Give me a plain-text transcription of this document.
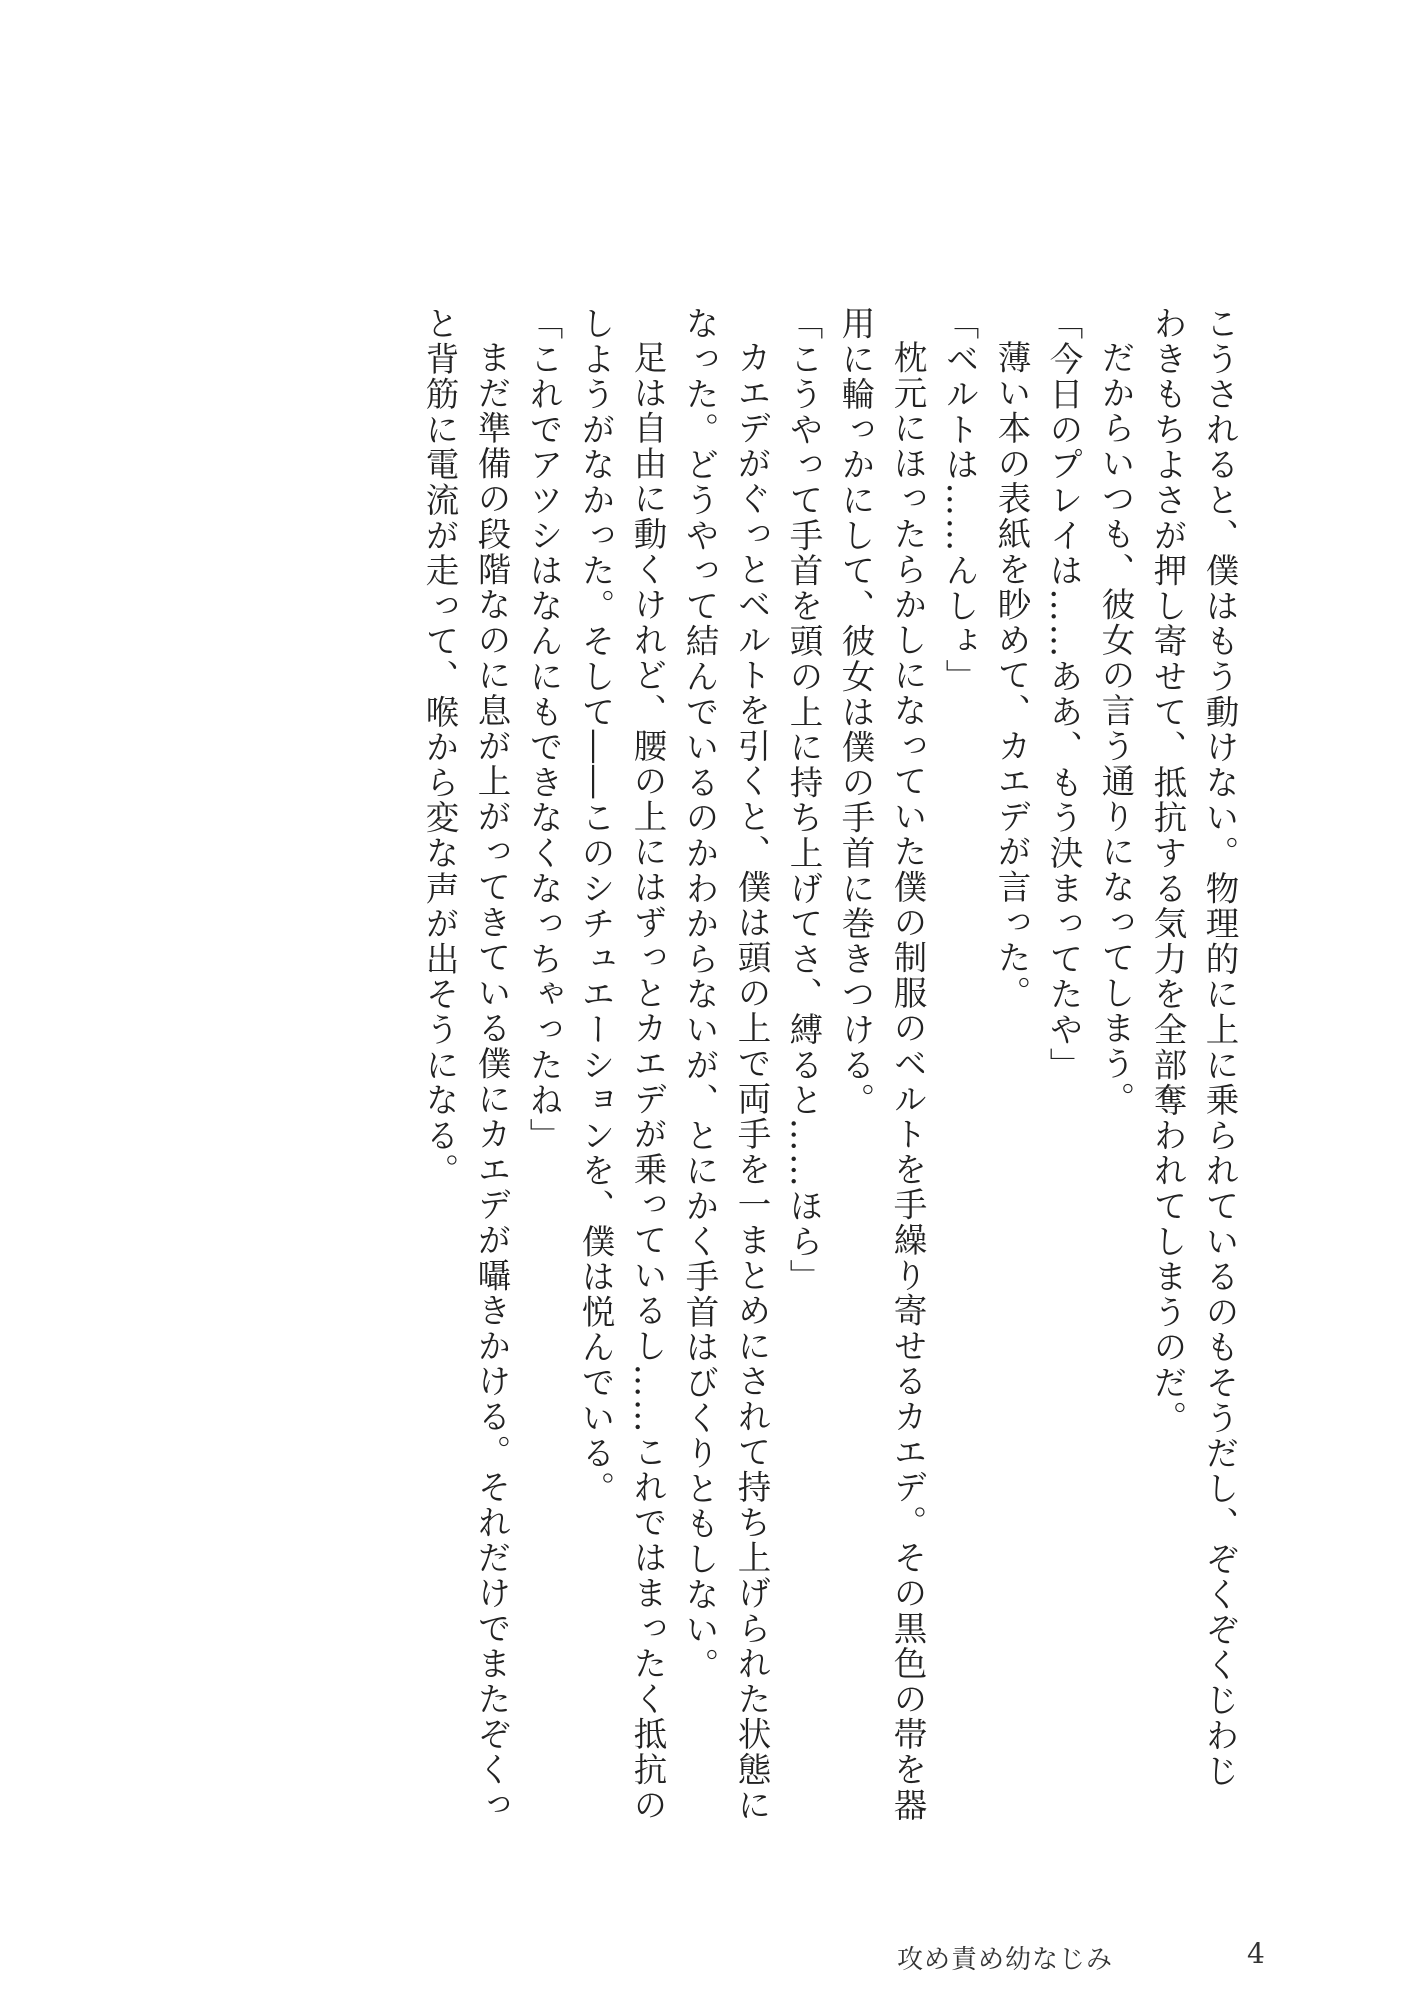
こうされると、僕はもう動けない。物理的に上に乗られているのもそうだし、ぞくぞくじわじ
わきもちよさが押し寄せて、抵抗する気力を全部奪われてしまうのだ。
だからいつも、彼女の言う通りになってしまう。
「今日のプレイは……ああ、もう決まってたや」
薄い本の表紙を眇めて、カエデが言った。
「ベルトは……んしょ」
枕元にほったらかしになっていた僕の制服のベルトを手繰り寄せるカエデ。その黒色の帯を器
用に輪っかにして、彼女は僕の手首に巻きつける。
「こうやって手首を頭の上に持ち上げてさ、縛ると……ほら」
カエデがぐっとベルトを引くと、僕は頭の上で両手を一まとめにされて持ち上げられた状態に
なった。どうやって結んでいるのかわからないが、とにかく手首はびくりともしない。
足は自由に動くけれど、腰の上にはずっとカエデが乗っているし……これではまったく抵抗の
しようがなかった。そして――このシチュエーションを、僕は悦んでいる。
「これでアツシはなんにもできなくなっちゃったね」
まだ準備の段階なのに息が上がってきている僕にカエデが囁きかける。それだけでまたぞくっ
と背筋に電流が走って、喉から変な声が出そうになる。
攻め責め幼なじみ	4
